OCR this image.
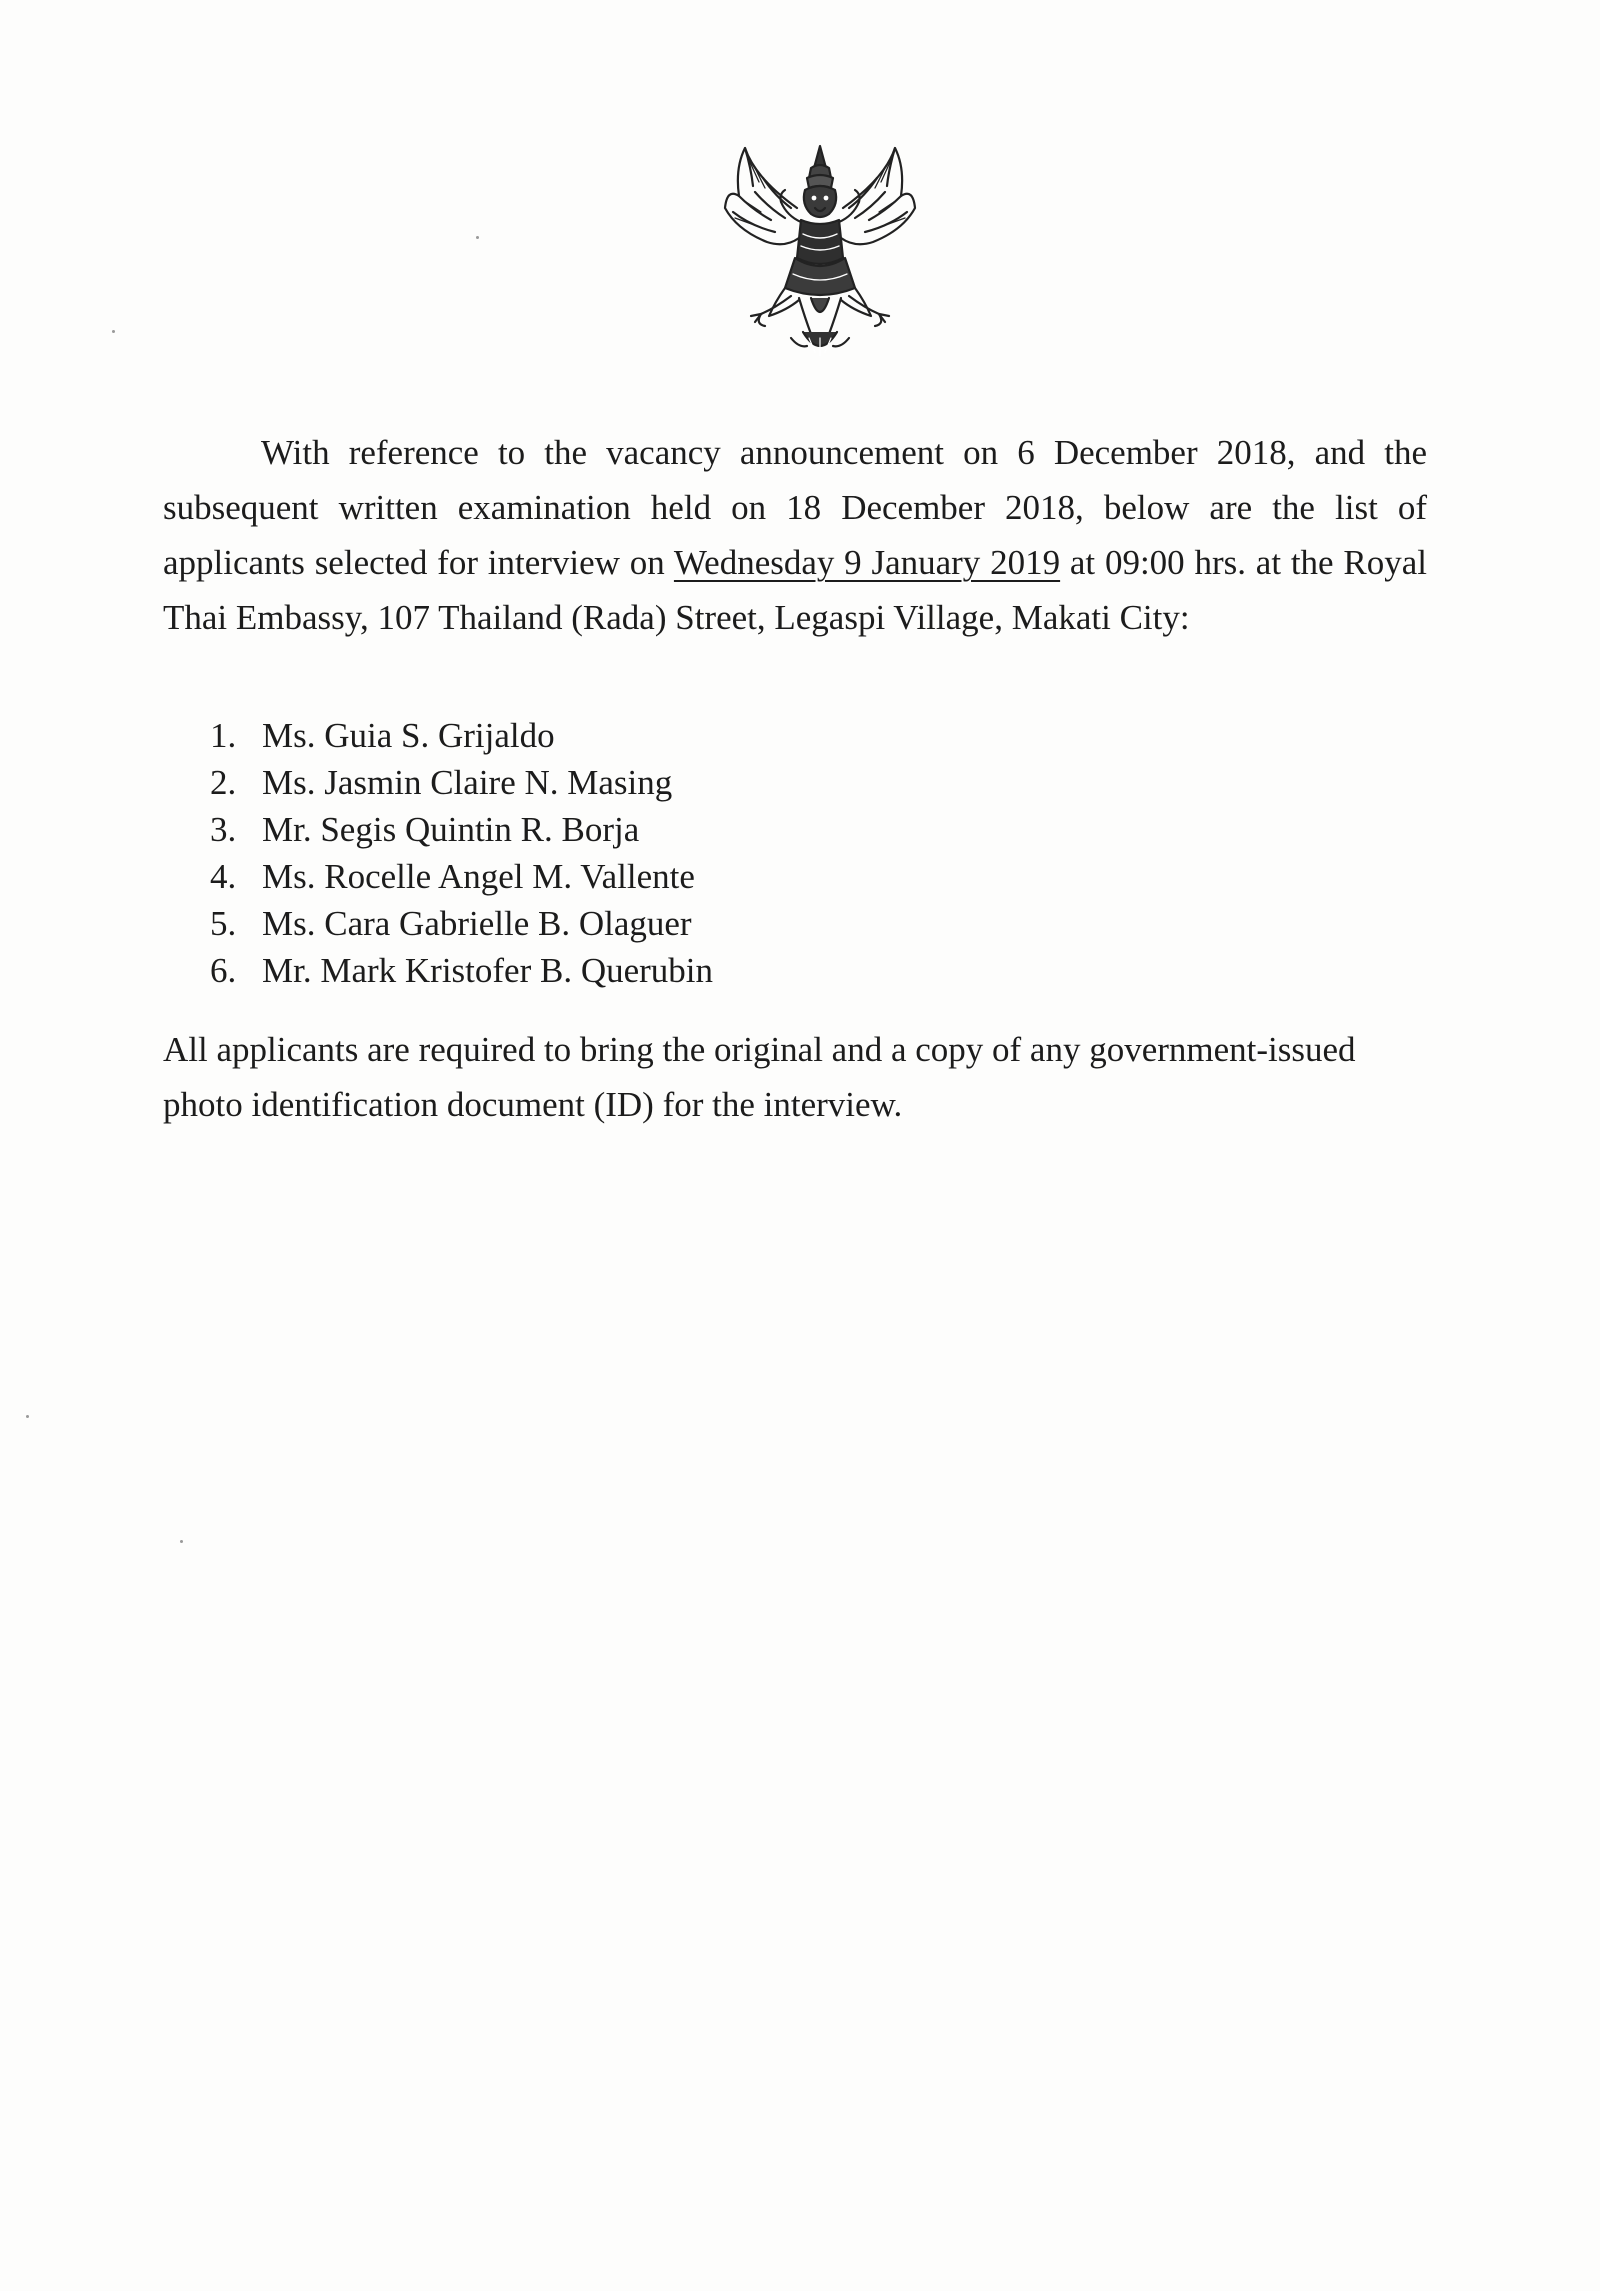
With reference to the vacancy announcement on 6 December 2018, and the subsequent written examination held on 18 December 2018, below are the list of applicants selected for interview on Wednesday 9 January 2019 at 09:00 hrs. at the Royal Thai Embassy, 107 Thailand (Rada) Street, Legaspi Village, Makati City:

1. Ms. Guia S. Grijaldo
2. Ms. Jasmin Claire N. Masing
3. Mr. Segis Quintin R. Borja
4. Ms. Rocelle Angel M. Vallente
5. Ms. Cara Gabrielle B. Olaguer
6. Mr. Mark Kristofer B. Querubin

All applicants are required to bring the original and a copy of any government-issued photo identification document (ID) for the interview.
